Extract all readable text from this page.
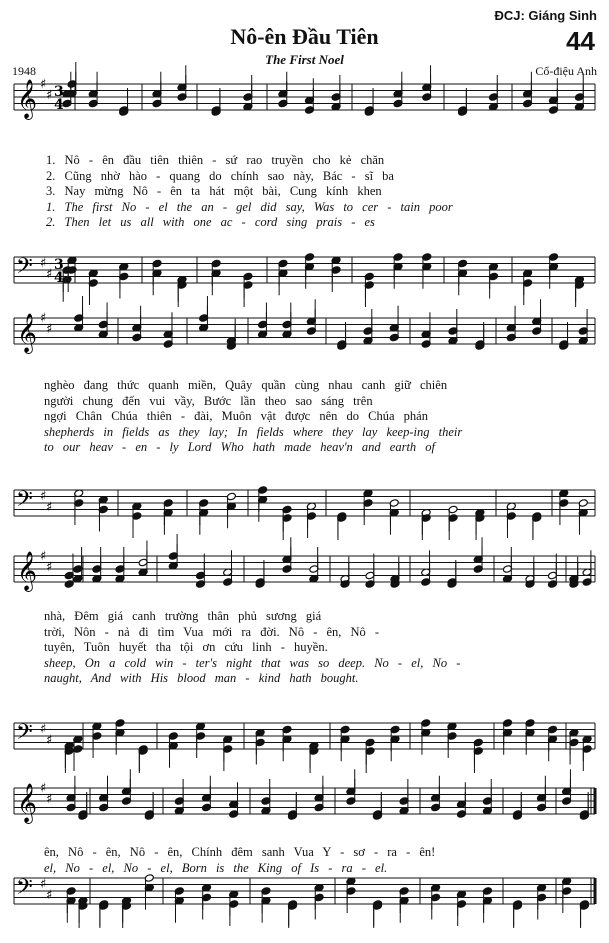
ĐCJ: Giáng Sinh
44
Nô-ên Đầu Tiên
The First Noel
1948	Cổ-điệu Anh
𝄞 ♯
♯
𝄢 ♯
♯
3
4
3
4
𝄞 ♯
♯
𝄢 ♯
♯
𝄞 ♯
♯
𝄢 ♯
♯
𝄞 ♯
♯
𝄢 ♯
♯
1. Nô - ên đầu tiên thiên - sứ rao truyền cho kẻ chăn
2. Cũng nhờ hào - quang do chính sao này, Bác - sĩ ba
3. Nay mừng Nô - ên ta hát một bài, Cung kính khen
1. The first No - el the an - gel did say, Was to cer - tain poor
2. Then let us all with one ac - cord sing prais - es
nghèo đang thức quanh miền, Quây quần cùng nhau canh giữ chiên
người chung đến vui vầy, Bước lần theo sao sáng trên
ngợi Chân Chúa thiên - đài, Muôn vật được nên do Chúa phán
shepherds in fields as they lay; In fields where they lay keep-ing their
to our heav - en - ly Lord Who hath made heav'n and earth of
nhà, Đêm giá canh trường thân phủ sương giá
trời, Nôn - nả đi tìm Vua mới ra đời. Nô - ên, Nô -
tuyên, Tuôn huyết tha tội ơn cứu linh - huyền.
sheep, On a cold win - ter's night that was so deep. No - el, No -
naught, And with His blood man - kind hath bought.
ên, Nô - ên, Nô - ên, Chính đêm sanh Vua Y - sơ - ra - ên!
el, No - el, No - el, Born is the King of Is - ra - el.
